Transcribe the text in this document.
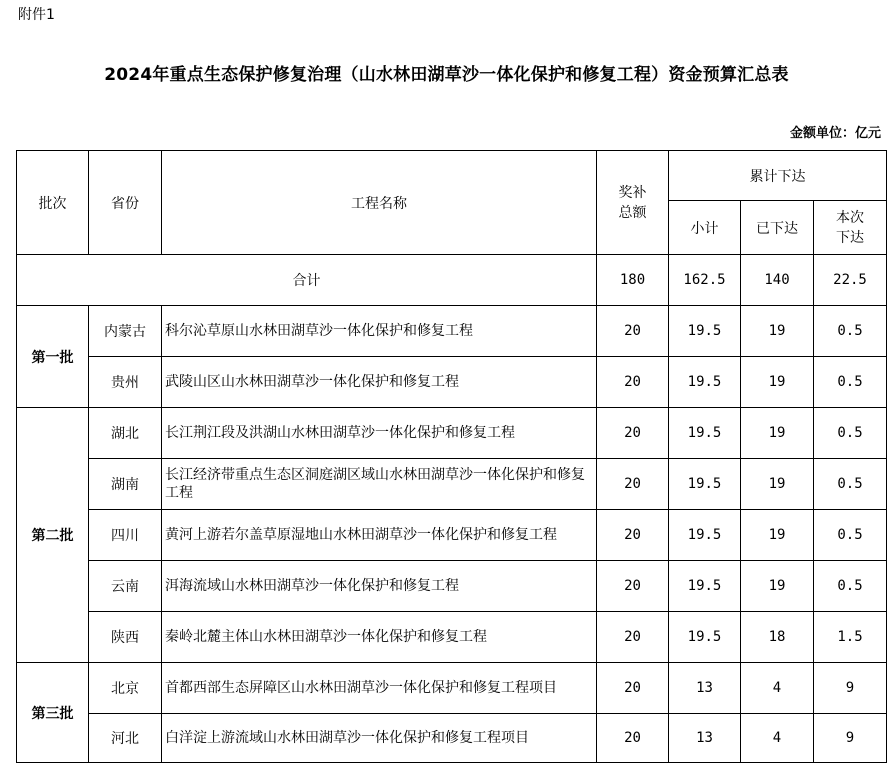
附件1
2024年重点生态保护修复治理（山水林田湖草沙一体化保护和修复工程）资金预算汇总表
金额单位：亿元
批次	省份	工程名称	奖补总额	累计下达		
				小计	已下达	本次下达
合计			180	162.5	140	22.5
第一批	内蒙古	科尔沁草原山水林田湖草沙一体化保护和修复工程	20	19.5	19	0.5
	贵州	武陵山区山水林田湖草沙一体化保护和修复工程	20	19.5	19	0.5
第二批	湖北	长江荆江段及洪湖山水林田湖草沙一体化保护和修复工程	20	19.5	19	0.5
	湖南	长江经济带重点生态区洞庭湖区域山水林田湖草沙一体化保护和修复工程	20	19.5	19	0.5
	四川	黄河上游若尔盖草原湿地山水林田湖草沙一体化保护和修复工程	20	19.5	19	0.5
	云南	洱海流域山水林田湖草沙一体化保护和修复工程	20	19.5	19	0.5
	陕西	秦岭北麓主体山水林田湖草沙一体化保护和修复工程	20	19.5	18	1.5
第三批	北京	首都西部生态屏障区山水林田湖草沙一体化保护和修复工程项目	20	13	4	9
	河北	白洋淀上游流域山水林田湖草沙一体化保护和修复工程项目	20	13	4	9
